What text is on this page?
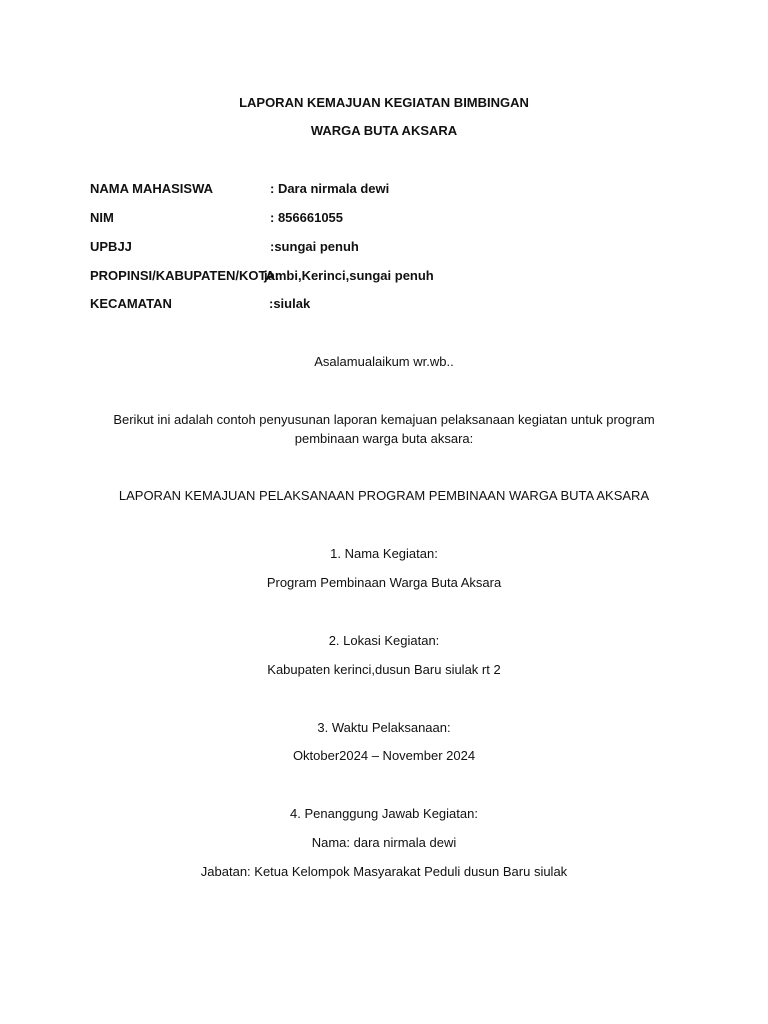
LAPORAN KEMAJUAN KEGIATAN BIMBINGAN
WARGA BUTA AKSARA
NAMA MAHASISWA	: Dara nirmala dewi
NIM	: 856661055
UPBJJ	:sungai penuh
PROPINSI/KABUPATEN/KOTA:
jambi,Kerinci,sungai penuh
KECAMATAN	:siulak
Asalamualaikum wr.wb..
Berikut ini adalah contoh penyusunan laporan kemajuan pelaksanaan kegiatan untuk program pembinaan warga buta aksara:
LAPORAN KEMAJUAN PELAKSANAAN PROGRAM PEMBINAAN WARGA BUTA AKSARA
1. Nama Kegiatan:
Program Pembinaan Warga Buta Aksara
2. Lokasi Kegiatan:
Kabupaten kerinci,dusun Baru siulak rt 2
3. Waktu Pelaksanaan:
Oktober2024 – November 2024
4. Penanggung Jawab Kegiatan:
Nama: dara nirmala dewi
Jabatan: Ketua Kelompok Masyarakat Peduli dusun Baru siulak
